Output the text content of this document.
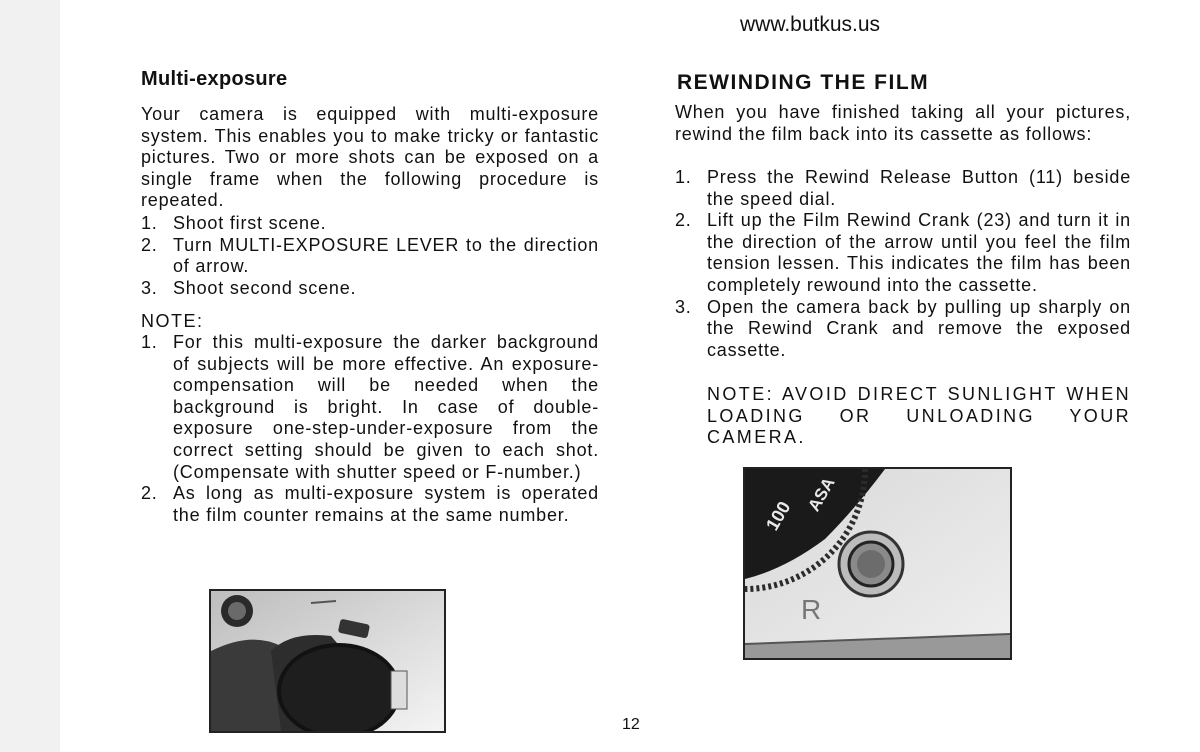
www.butkus.us
Multi-exposure
Your camera is equipped with multi-exposure system. This enables you to make tricky or fantastic pictures. Two or more shots can be exposed on a single frame when the following procedure is repeated.
1. Shoot first scene.
2. Turn MULTI-EXPOSURE LEVER to the direction of arrow.
3. Shoot second scene.
NOTE:
1. For this multi-exposure the darker background of subjects will be more effective. An exposure-compensation will be needed when the background is bright. In case of double-exposure one-step-under-exposure from the correct setting should be given to each shot. (Compensate with shutter speed or F-number.)
2. As long as multi-exposure system is operated the film counter remains at the same number.
REWINDING THE FILM
When you have finished taking all your pictures, rewind the film back into its cassette as follows:
1. Press the Rewind Release Button (11) beside the speed dial.
2. Lift up the Film Rewind Crank (23) and turn it in the direction of the arrow until you feel the film tension lessen. This indicates the film has been completely rewound into the cassette.
3. Open the camera back by pulling up sharply on the Rewind Crank and remove the exposed cassette.
NOTE: AVOID DIRECT SUNLIGHT WHEN LOADING OR UNLOADING YOUR CAMERA.
100
ASA
R
12
